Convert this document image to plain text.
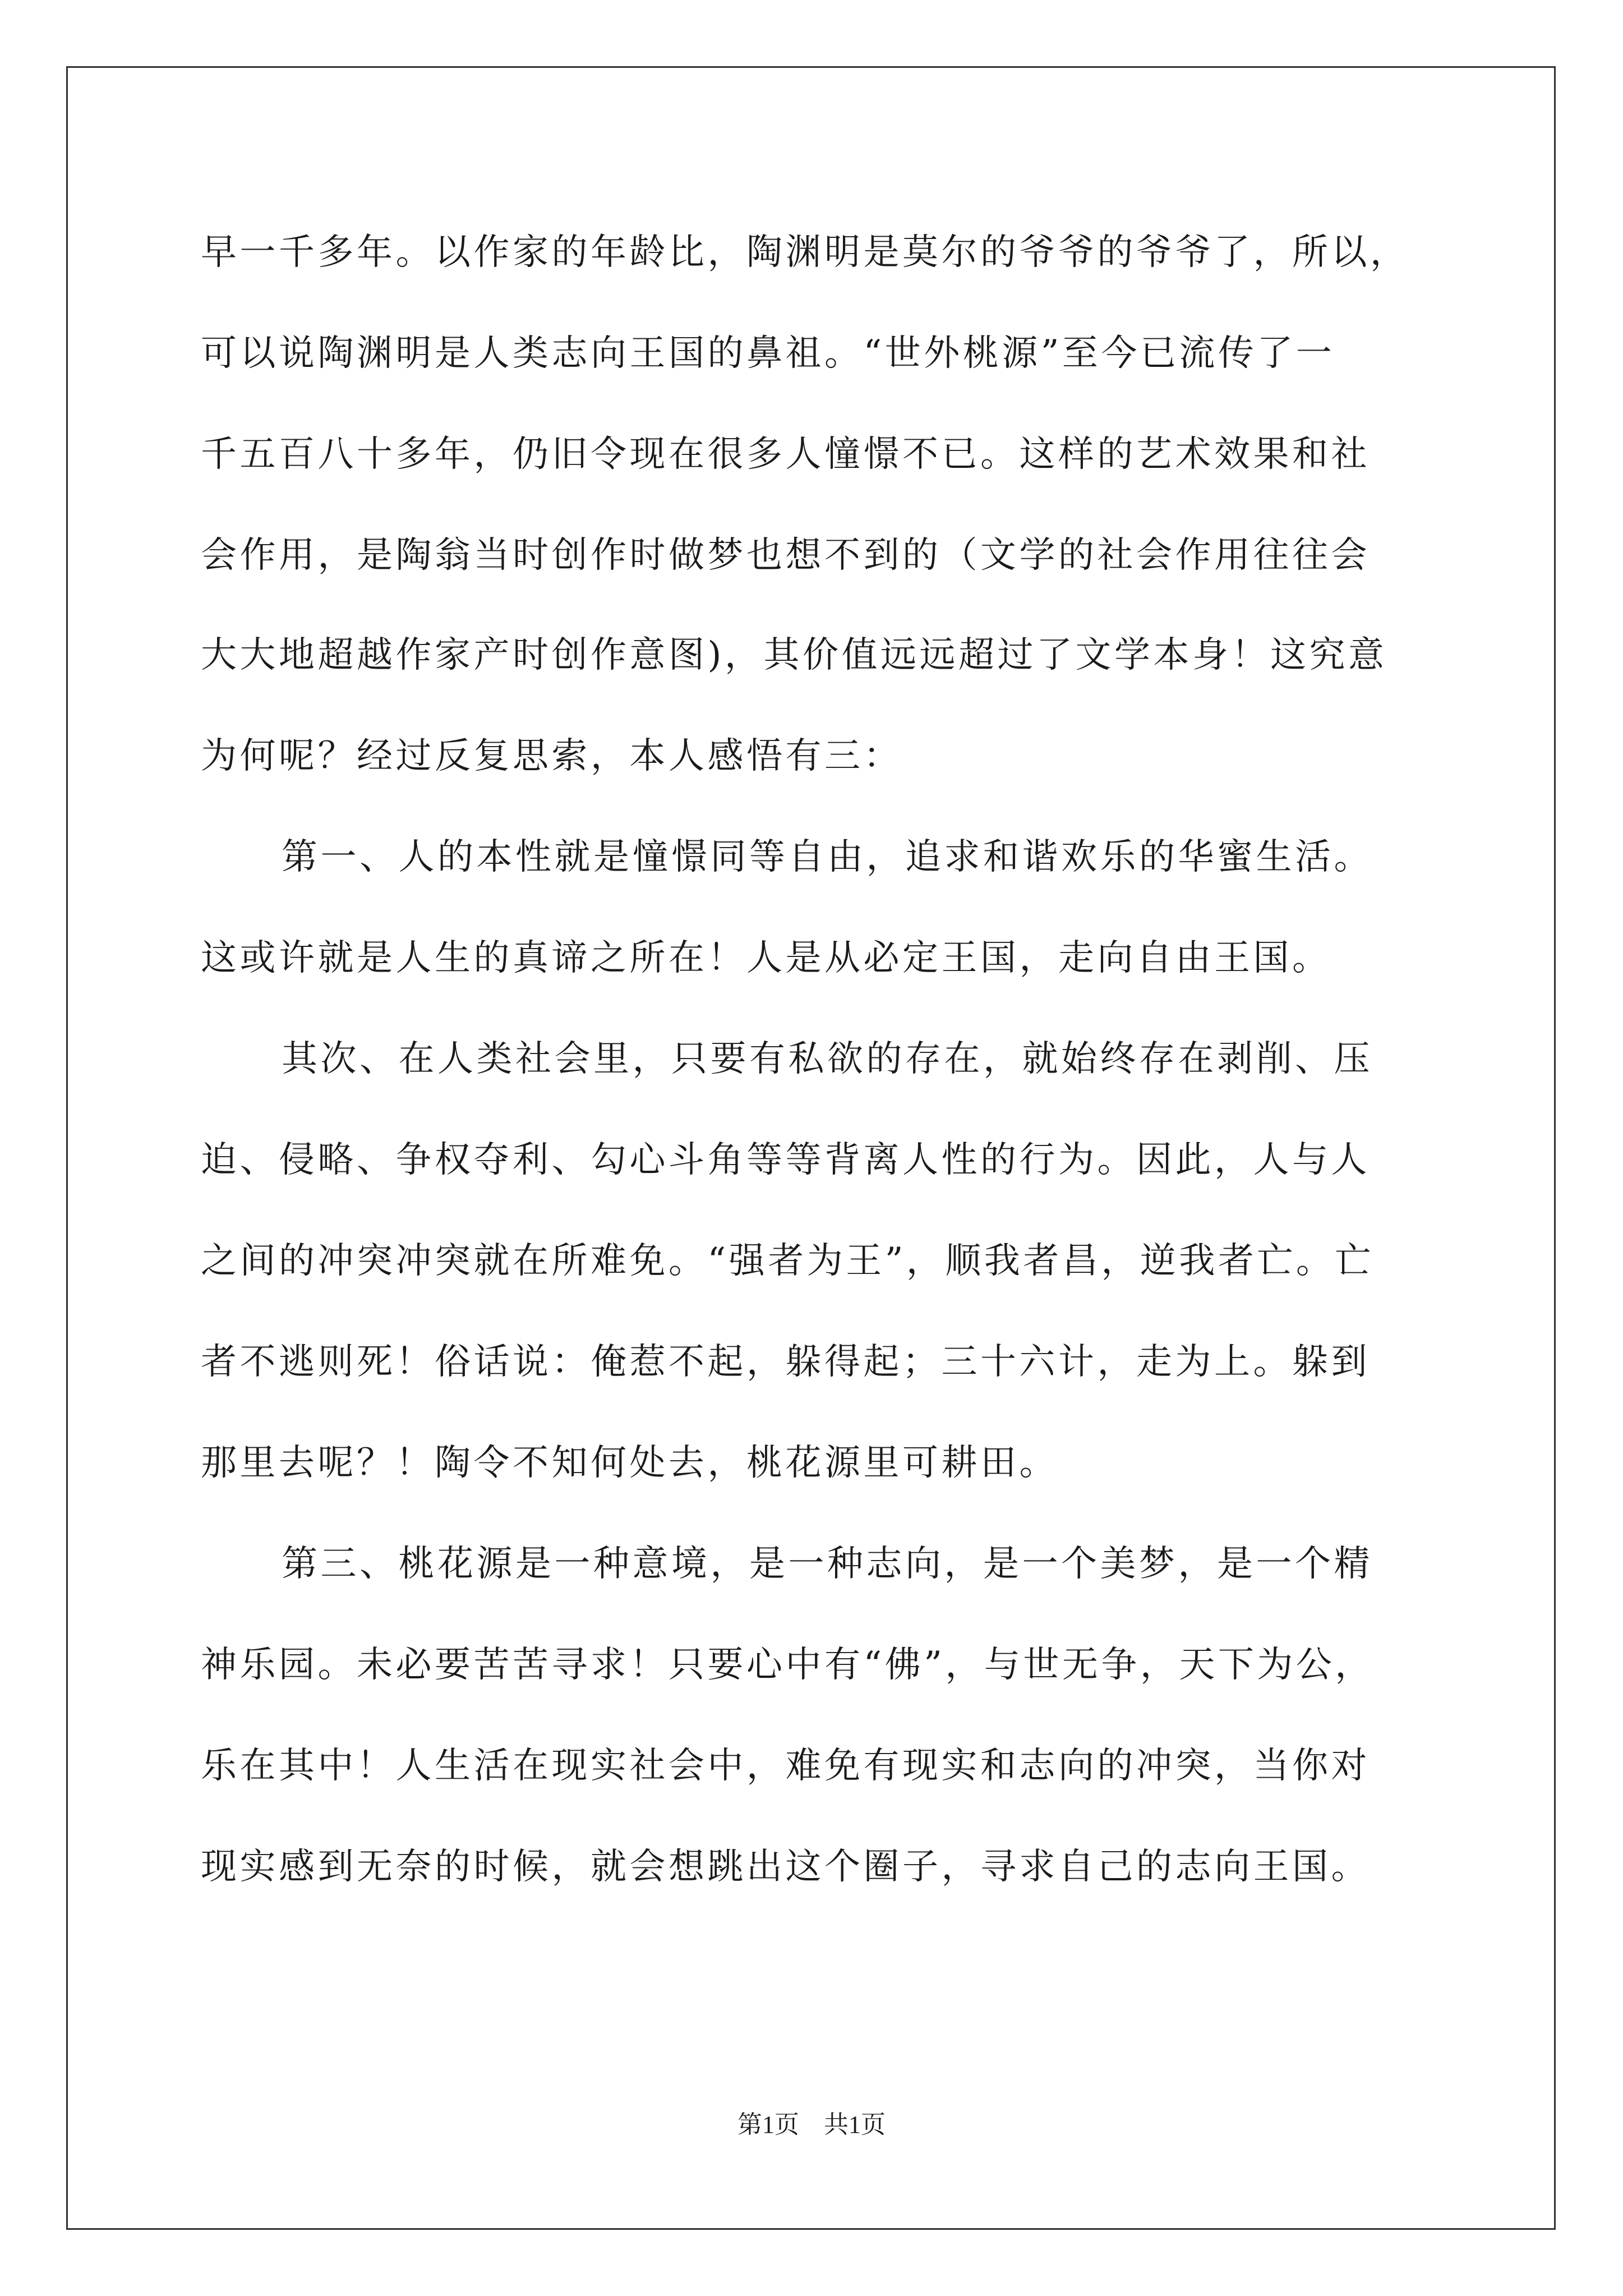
早一千多年。以作家的年龄比，陶渊明是莫尔的爷爷的爷爷了，所以，
可以说陶渊明是人类志向王国的鼻祖。“世外桃源”至今已流传了一
千五百八十多年，仍旧令现在很多人憧憬不已。这样的艺术效果和社
会作用，是陶翁当时创作时做梦也想不到的（文学的社会作用往往会
大大地超越作家产时创作意图)，其价值远远超过了文学本身！这究意
为何呢？经过反复思索，本人感悟有三：
第一、人的本性就是憧憬同等自由，追求和谐欢乐的华蜜生活。
这或许就是人生的真谛之所在！人是从必定王国，走向自由王国。
其次、在人类社会里，只要有私欲的存在，就始终存在剥削、压
迫、侵略、争权夺利、勾心斗角等等背离人性的行为。因此，人与人
之间的冲突冲突就在所难免。“强者为王”，顺我者昌，逆我者亡。亡
者不逃则死！俗话说：俺惹不起，躲得起；三十六计，走为上。躲到
那里去呢？！陶令不知何处去，桃花源里可耕田。
第三、桃花源是一种意境，是一种志向，是一个美梦，是一个精
神乐园。未必要苦苦寻求！只要心中有“佛”，与世无争，天下为公，
乐在其中！人生活在现实社会中，难免有现实和志向的冲突，当你对
现实感到无奈的时候，就会想跳出这个圈子，寻求自己的志向王国。
第1页　共1页
